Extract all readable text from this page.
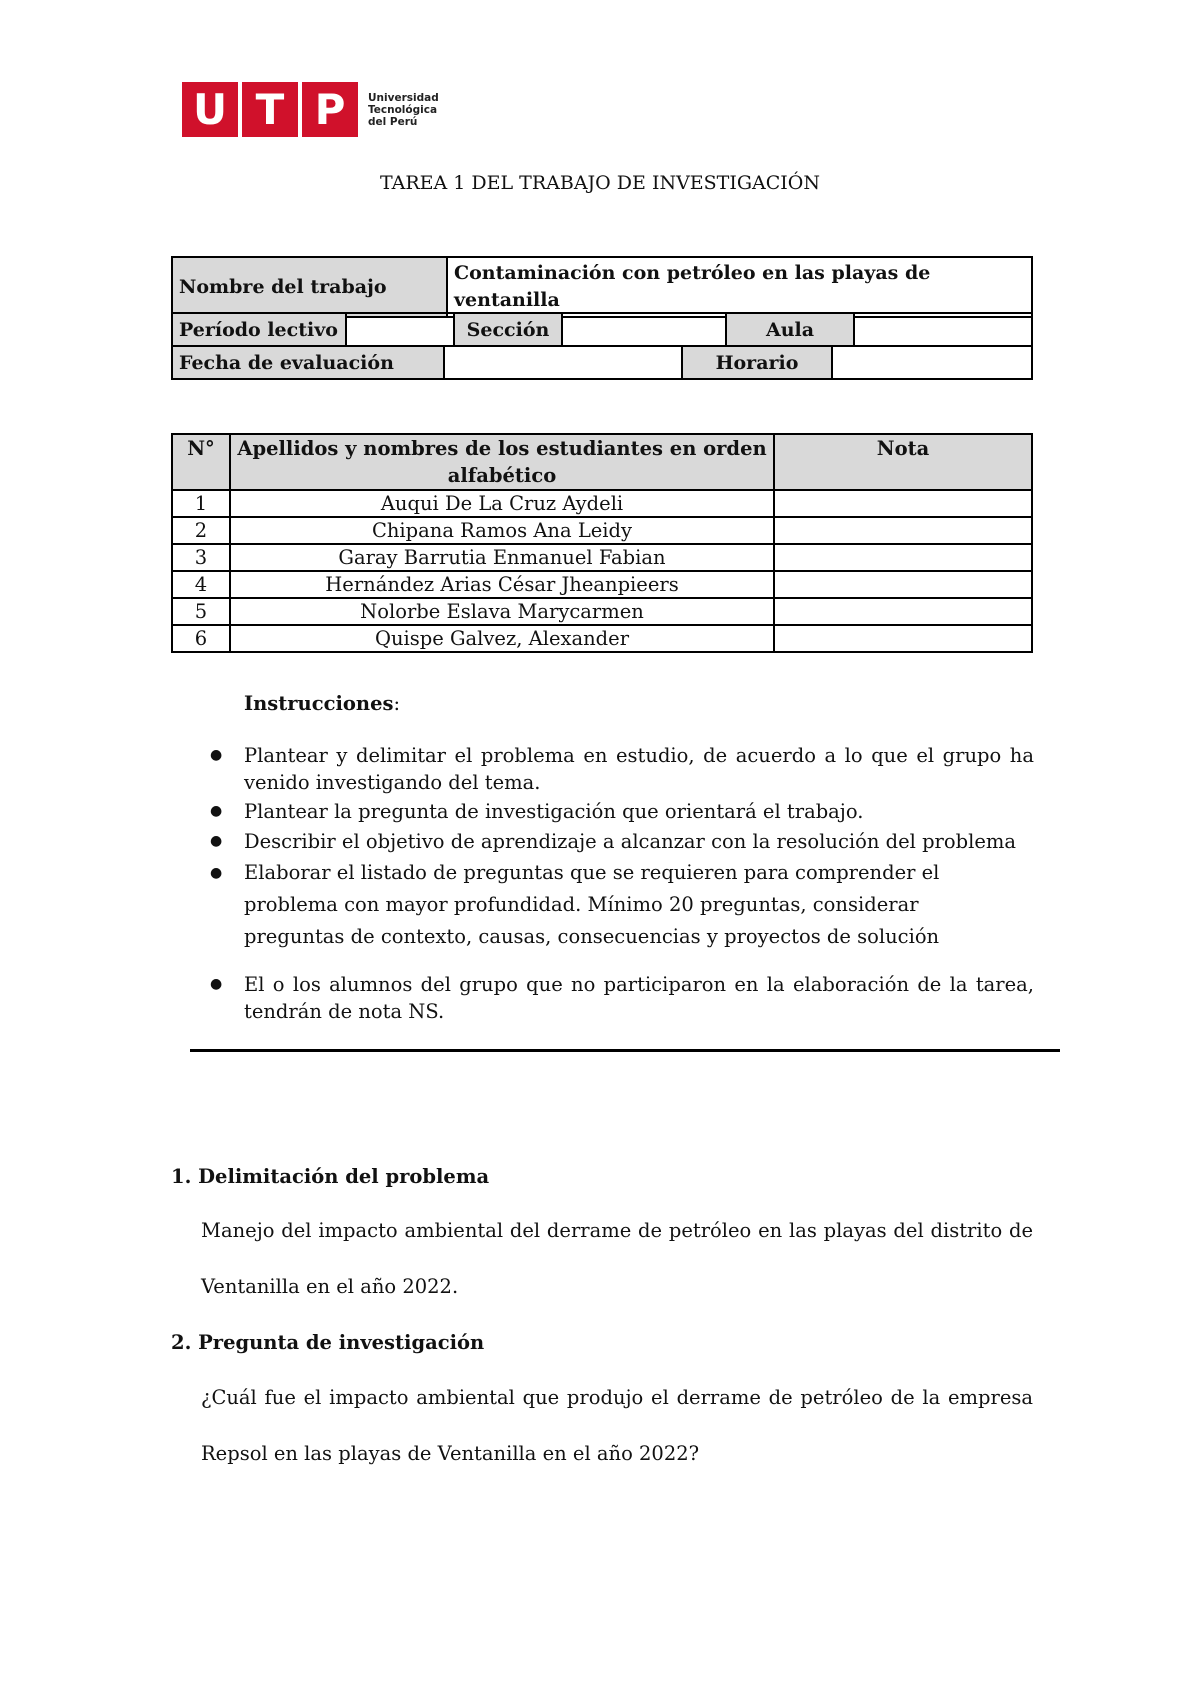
U T P	Universidad
Tecnológica
del Perú
TAREA 1 DEL TRABAJO DE INVESTIGACIÓN
Nombre del trabajo	Contaminación con petróleo en las playas de ventanilla
Período lectivo		Sección		Aula	
Fecha de evaluación		Horario	
N°	Apellidos y nombres de los estudiantes en orden alfabético	Nota
1	Auqui De La Cruz Aydeli	
2	Chipana Ramos Ana Leidy	
3	Garay Barrutia Enmanuel Fabian	
4	Hernández Arias César Jheanpieers	
5	Nolorbe Eslava Marycarmen	
6	Quispe Galvez, Alexander	
Instrucciones:
● Plantear y delimitar el problema en estudio, de acuerdo a lo que el grupo ha venido investigando del tema.
● Plantear la pregunta de investigación que orientará el trabajo.
● Describir el objetivo de aprendizaje a alcanzar con la resolución del problema
● Elaborar el listado de preguntas que se requieren para comprender el problema con mayor profundidad. Mínimo 20 preguntas, considerar preguntas de contexto, causas, consecuencias y proyectos de solución
● El o los alumnos del grupo que no participaron en la elaboración de la tarea, tendrán de nota NS.
1. Delimitación del problema
Manejo del impacto ambiental del derrame de petróleo en las playas del distrito de Ventanilla en el año 2022.
2. Pregunta de investigación
¿Cuál fue el impacto ambiental que produjo el derrame de petróleo de la empresa Repsol en las playas de Ventanilla en el año 2022?
